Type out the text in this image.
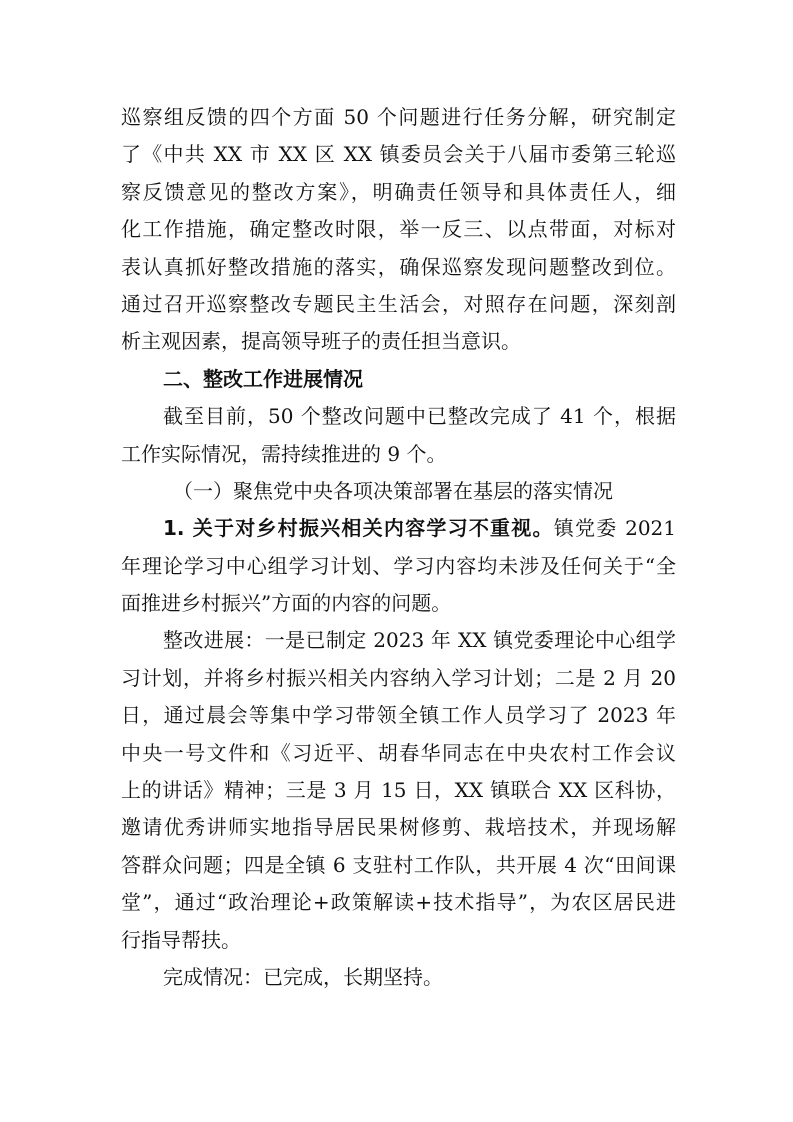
巡察组反馈的四个方面 50 个问题进行任务分解，研究制定
了《中共 XX 市 XX 区 XX 镇委员会关于八届市委第三轮巡
察反馈意见的整改方案》，明确责任领导和具体责任人，细
化工作措施，确定整改时限，举一反三、以点带面，对标对
表认真抓好整改措施的落实，确保巡察发现问题整改到位。
通过召开巡察整改专题民主生活会，对照存在问题，深刻剖
析主观因素，提高领导班子的责任担当意识。
二、整改工作进展情况
截至目前，50 个整改问题中已整改完成了 41 个，根据
工作实际情况，需持续推进的 9 个。
（一）聚焦党中央各项决策部署在基层的落实情况
1. 关于对乡村振兴相关内容学习不重视。镇党委 2021
年理论学习中心组学习计划、学习内容均未涉及任何关于“全
面推进乡村振兴”方面的内容的问题。
整改进展：一是已制定 2023 年 XX 镇党委理论中心组学
习计划，并将乡村振兴相关内容纳入学习计划；二是 2 月 20
日，通过晨会等集中学习带领全镇工作人员学习了 2023 年
中央一号文件和《习近平、胡春华同志在中央农村工作会议
上的讲话》精神；三是 3 月 15 日，XX 镇联合 XX 区科协，
邀请优秀讲师实地指导居民果树修剪、栽培技术，并现场解
答群众问题；四是全镇 6 支驻村工作队，共开展 4 次“田间课
堂”，通过“政治理论+政策解读+技术指导”，为农区居民进
行指导帮扶。
完成情况：已完成，长期坚持。
